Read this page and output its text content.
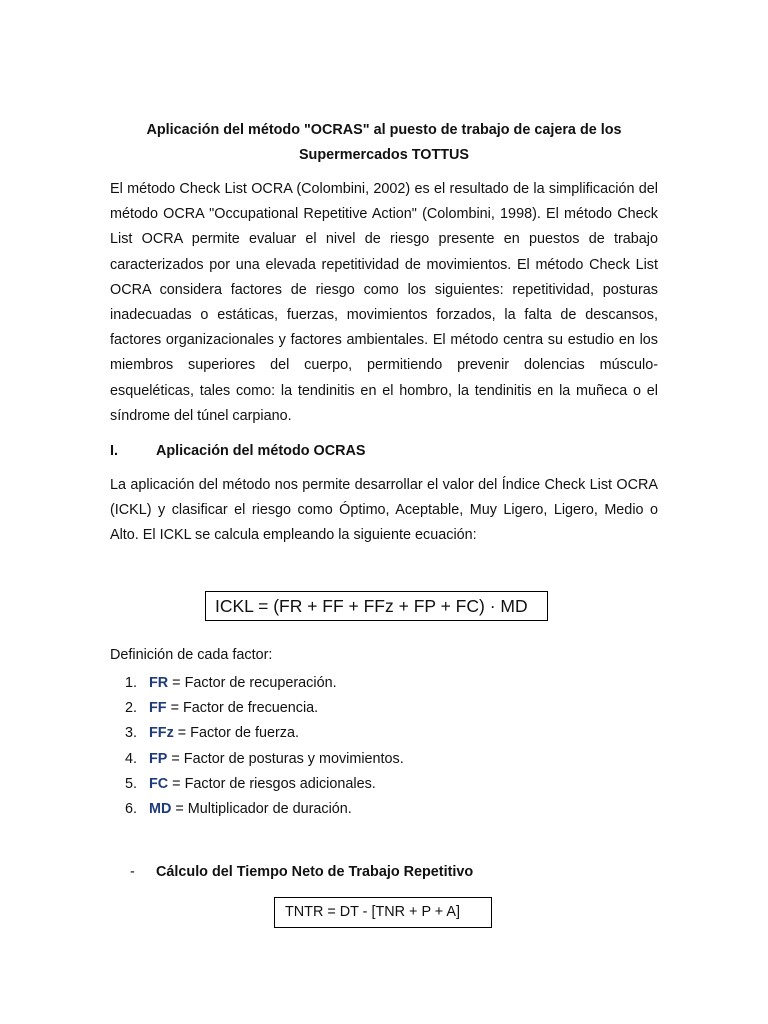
Aplicación del método "OCRAS" al puesto de trabajo de cajera de los
Supermercados TOTTUS

El método Check List OCRA (Colombini, 2002) es el resultado de la simplificación del método OCRA "Occupational Repetitive Action" (Colombini, 1998). El método Check List OCRA permite evaluar el nivel de riesgo presente en puestos de trabajo caracterizados por una elevada repetitividad de movimientos. El método Check List OCRA considera factores de riesgo como los siguientes: repetitividad, posturas inadecuadas o estáticas, fuerzas, movimientos forzados, la falta de descansos, factores organizacionales y factores ambientales. El método centra su estudio en los miembros superiores del cuerpo, permitiendo prevenir dolencias músculo-esqueléticas, tales como: la tendinitis en el hombro, la tendinitis en la muñeca o el síndrome del túnel carpiano.

I.	Aplicación del método OCRAS

La aplicación del método nos permite desarrollar el valor del Índice Check List OCRA (ICKL) y clasificar el riesgo como Óptimo, Aceptable, Muy Ligero, Ligero, Medio o Alto. El ICKL se calcula empleando la siguiente ecuación:

ICKL = (FR + FF + FFz + FP + FC) · MD
Definición de cada factor:
1. FR = Factor de recuperación.
2. FF = Factor de frecuencia.
3. FFz = Factor de fuerza.
4. FP = Factor de posturas y movimientos.
5. FC = Factor de riesgos adicionales.
6. MD = Multiplicador de duración.
- Cálculo del Tiempo Neto de Trabajo Repetitivo
TNTR = DT - [TNR + P + A]
